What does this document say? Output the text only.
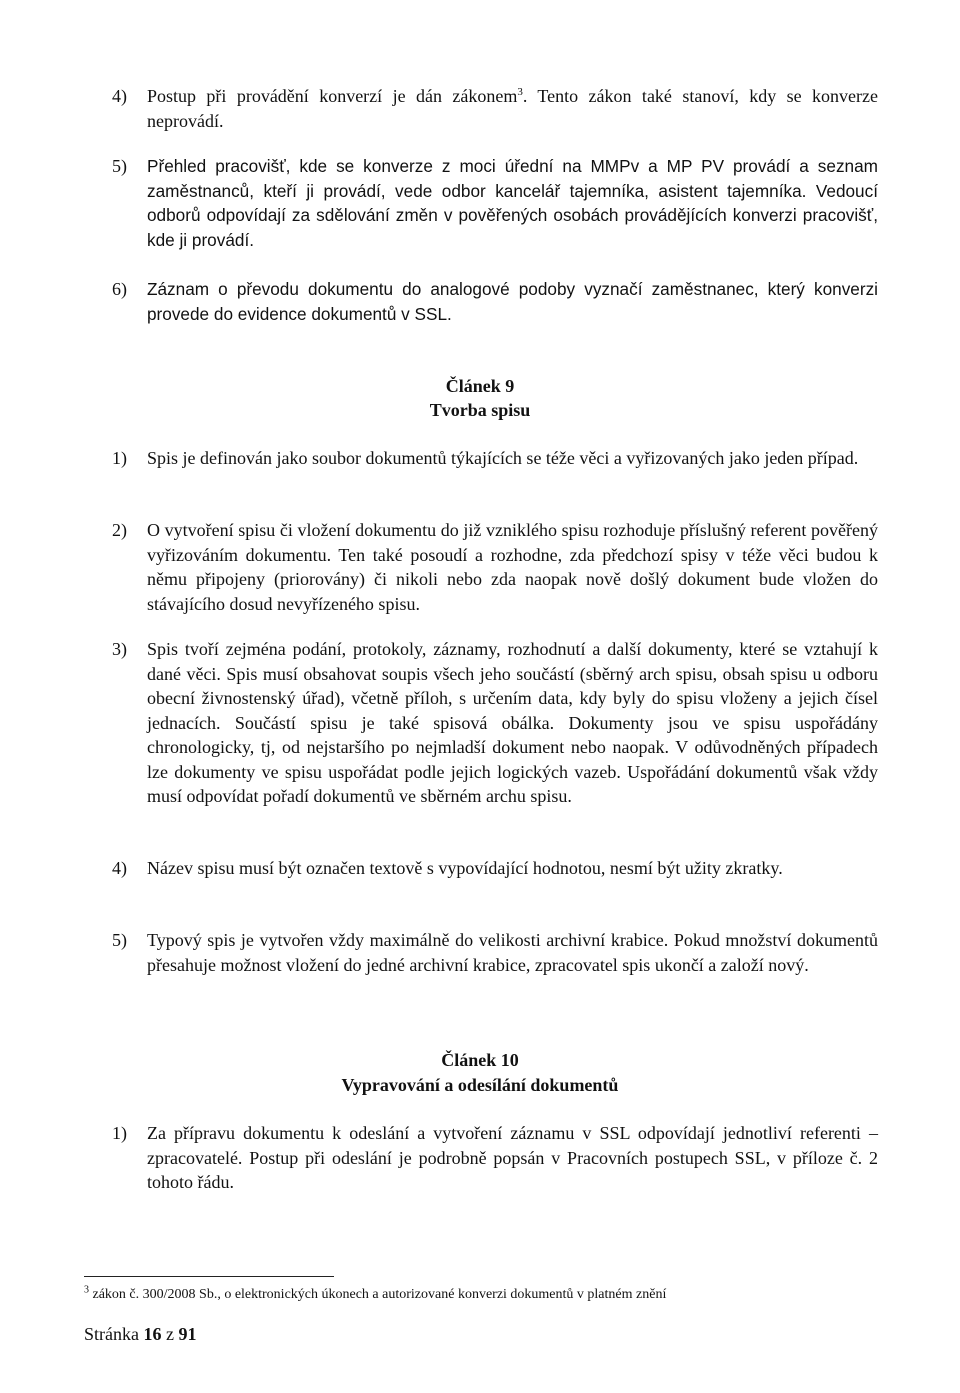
4) Postup při provádění konverzí je dán zákonem$^3$. Tento zákon také stanoví, kdy se konverze neprovádí.
5) Přehled pracovišť, kde se konverze z moci úřední na MMPv a MP PV provádí a seznam zaměstnanců, kteří ji provádí, vede odbor kancelář tajemníka, asistent tajemníka. Vedoucí odborů odpovídají za sdělování změn v pověřených osobách provádějících konverzi pracovišť, kde ji provádí.
6) Záznam o převodu dokumentu do analogové podoby vyznačí zaměstnanec, který konverzi provede do evidence dokumentů v SSL.
Článek 9
Tvorba spisu
1) Spis je definován jako soubor dokumentů týkajících se téže věci a vyřizovaných jako jeden případ.
2) O vytvoření spisu či vložení dokumentu do již vzniklého spisu rozhoduje příslušný referent pověřený vyřizováním dokumentu. Ten také posoudí a rozhodne, zda předchozí spisy v téže věci budou k němu připojeny (priorovány) či nikoli nebo zda naopak nově došlý dokument bude vložen do stávajícího dosud nevyřízeného spisu.
3) Spis tvoří zejména podání, protokoly, záznamy, rozhodnutí a další dokumenty, které se vztahují k dané věci. Spis musí obsahovat soupis všech jeho součástí (sběrný arch spisu, obsah spisu u odboru obecní živnostenský úřad), včetně příloh, s určením data, kdy byly do spisu vloženy a jejich čísel jednacích. Součástí spisu je také spisová obálka. Dokumenty jsou ve spisu uspořádány chronologicky, tj, od nejstaršího po nejmladší dokument nebo naopak. V odůvodněných případech lze dokumenty ve spisu uspořádat podle jejich logických vazeb. Uspořádání dokumentů však vždy musí odpovídat pořadí dokumentů ve sběrném archu spisu.
4) Název spisu musí být označen textově s vypovídající hodnotou, nesmí být užity zkratky.
5) Typový spis je vytvořen vždy maximálně do velikosti archivní krabice. Pokud množství dokumentů přesahuje možnost vložení do jedné archivní krabice, zpracovatel spis ukončí a založí nový.
Článek 10
Vypravování a odesílání dokumentů
1) Za přípravu dokumentu k odeslání a vytvoření záznamu v SSL odpovídají jednotliví referenti – zpracovatelé. Postup při odeslání je podrobně popsán v Pracovních postupech SSL, v příloze č. 2 tohoto řádu.
$^3$ zákon č. 300/2008 Sb., o elektronických úkonech a autorizované konverzi dokumentů v platném znění
Stránka 16 z 91
